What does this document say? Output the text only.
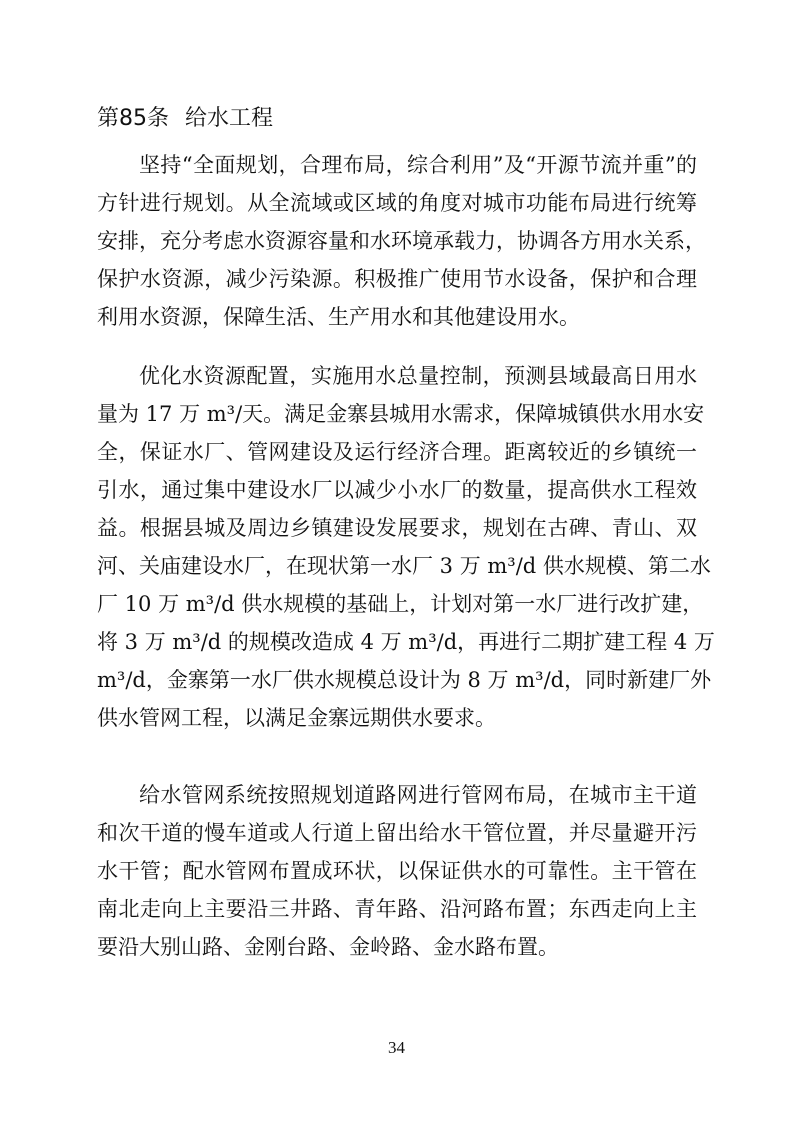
第85条 给水工程
坚持“全面规划，合理布局，综合利用”及“开源节流并重”的
方针进行规划。从全流域或区域的角度对城市功能布局进行统筹
安排，充分考虑水资源容量和水环境承载力，协调各方用水关系，
保护水资源，减少污染源。积极推广使用节水设备，保护和合理
利用水资源，保障生活、生产用水和其他建设用水。
优化水资源配置，实施用水总量控制，预测县域最高日用水
量为 17 万 m³/天。满足金寨县城用水需求，保障城镇供水用水安
全，保证水厂、管网建设及运行经济合理。距离较近的乡镇统一
引水，通过集中建设水厂以减少小水厂的数量，提高供水工程效
益。根据县城及周边乡镇建设发展要求，规划在古碑、青山、双
河、关庙建设水厂，在现状第一水厂 3 万 m³/d 供水规模、第二水
厂 10 万 m³/d 供水规模的基础上，计划对第一水厂进行改扩建，
将 3 万 m³/d 的规模改造成 4 万 m³/d，再进行二期扩建工程 4 万
m³/d，金寨第一水厂供水规模总设计为 8 万 m³/d，同时新建厂外
供水管网工程，以满足金寨远期供水要求。
给水管网系统按照规划道路网进行管网布局，在城市主干道
和次干道的慢车道或人行道上留出给水干管位置，并尽量避开污
水干管；配水管网布置成环状，以保证供水的可靠性。主干管在
南北走向上主要沿三井路、青年路、沿河路布置；东西走向上主
要沿大别山路、金刚台路、金岭路、金水路布置。
34
